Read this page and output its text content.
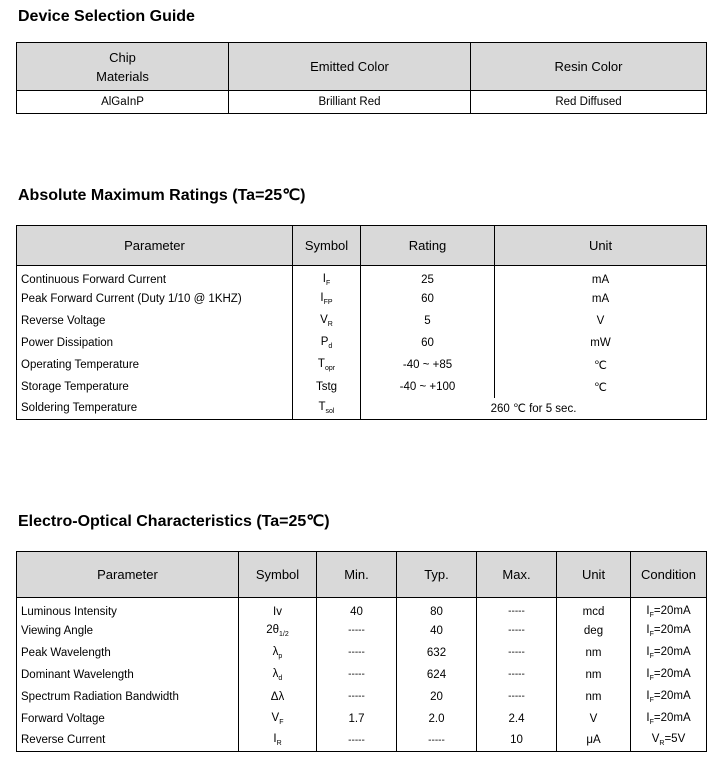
Device Selection Guide
Chip
Materials	Emitted Color	Resin Color
AlGaInP	Brilliant Red	Red Diffused
Absolute Maximum Ratings (Ta=25℃)
Parameter	Symbol	Rating	Unit
Continuous Forward Current	$I_F$	25	mA
Peak Forward Current (Duty 1/10 @ 1KHZ)	$I_{FP}$	60	mA
Reverse Voltage	$V_R$	5	V
Power Dissipation	$P_d$	60	mW
Operating Temperature	$T_{opr}$	-40 ~ +85	℃
Storage Temperature	Tstg	-40 ~ +100	℃
Soldering Temperature	$T_{sol}$	260 ℃ for 5 sec.	
Electro-Optical Characteristics (Ta=25℃)
Parameter	Symbol	Min.	Typ.	Max.	Unit	Condition
Luminous Intensity	Iv	40	80	-----	mcd	$I_F=20mA$
Viewing Angle	$2\theta_{1/2}$	-----	40	-----	deg	$I_F=20mA$
Peak Wavelength	$\lambda_p$	-----	632	-----	nm	$I_F=20mA$
Dominant Wavelength	$\lambda_d$	-----	624	-----	nm	$I_F=20mA$
Spectrum Radiation Bandwidth	Δλ	-----	20	-----	nm	$I_F=20mA$
Forward Voltage	$V_F$	1.7	2.0	2.4	V	$I_F=20mA$
Reverse Current	$I_R$	-----	-----	10	μA	$V_R=5V$
